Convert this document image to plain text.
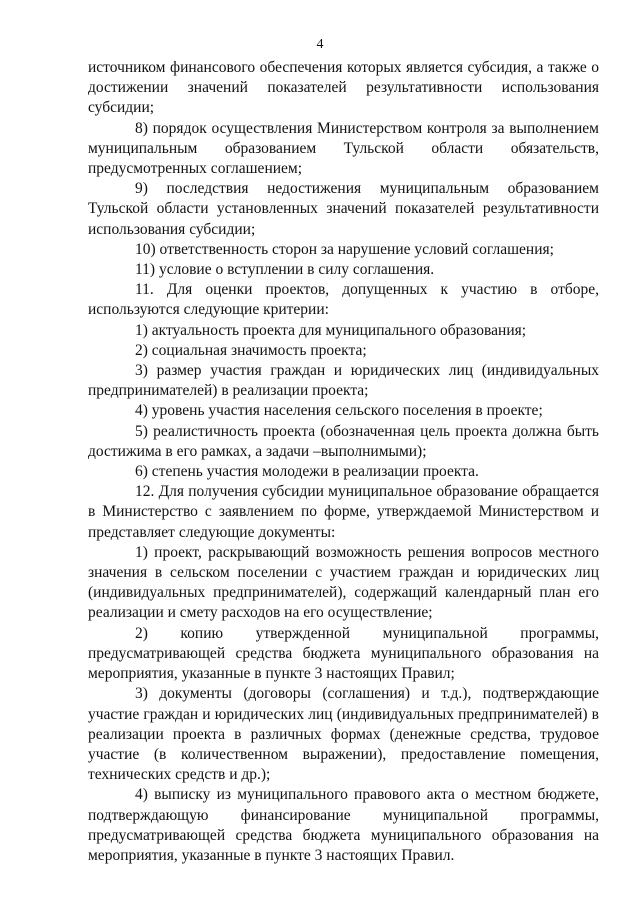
4

источником финансового обеспечения которых является субсидия, а также о достижении значений показателей результативности использования субсидии;

8) порядок осуществления Министерством контроля за выполнением муниципальным образованием Тульской области обязательств, предусмотренных соглашением;

9) последствия недостижения муниципальным образованием Тульской области установленных значений показателей результативности использования субсидии;

10) ответственность сторон за нарушение условий соглашения;

11) условие о вступлении в силу соглашения.

11. Для оценки проектов, допущенных к участию в отборе, используются следующие критерии:

1) актуальность проекта для муниципального образования;

2) социальная значимость проекта;

3) размер участия граждан и юридических лиц (индивидуальных предпринимателей) в реализации проекта;

4) уровень участия населения сельского поселения в проекте;

5) реалистичность проекта (обозначенная цель проекта должна быть достижима в его рамках, а задачи –выполнимыми);

6) степень участия молодежи в реализации проекта.

12. Для получения субсидии муниципальное образование обращается в Министерство с заявлением по форме, утверждаемой Министерством и представляет следующие документы:

1) проект, раскрывающий возможность решения вопросов местного значения в сельском поселении с участием граждан и юридических лиц (индивидуальных предпринимателей), содержащий календарный план его реализации и смету расходов на его осуществление;

2) копию утвержденной муниципальной программы, предусматривающей средства бюджета муниципального образования на мероприятия, указанные в пункте 3 настоящих Правил;

3) документы (договоры (соглашения) и т.д.), подтверждающие участие граждан и юридических лиц (индивидуальных предпринимателей) в реализации проекта в различных формах (денежные средства, трудовое участие (в количественном выражении), предоставление помещения, технических средств и др.);

4) выписку из муниципального правового акта о местном бюджете, подтверждающую финансирование муниципальной программы, предусматривающей средства бюджета муниципального образования на мероприятия, указанные в пункте 3 настоящих Правил.
